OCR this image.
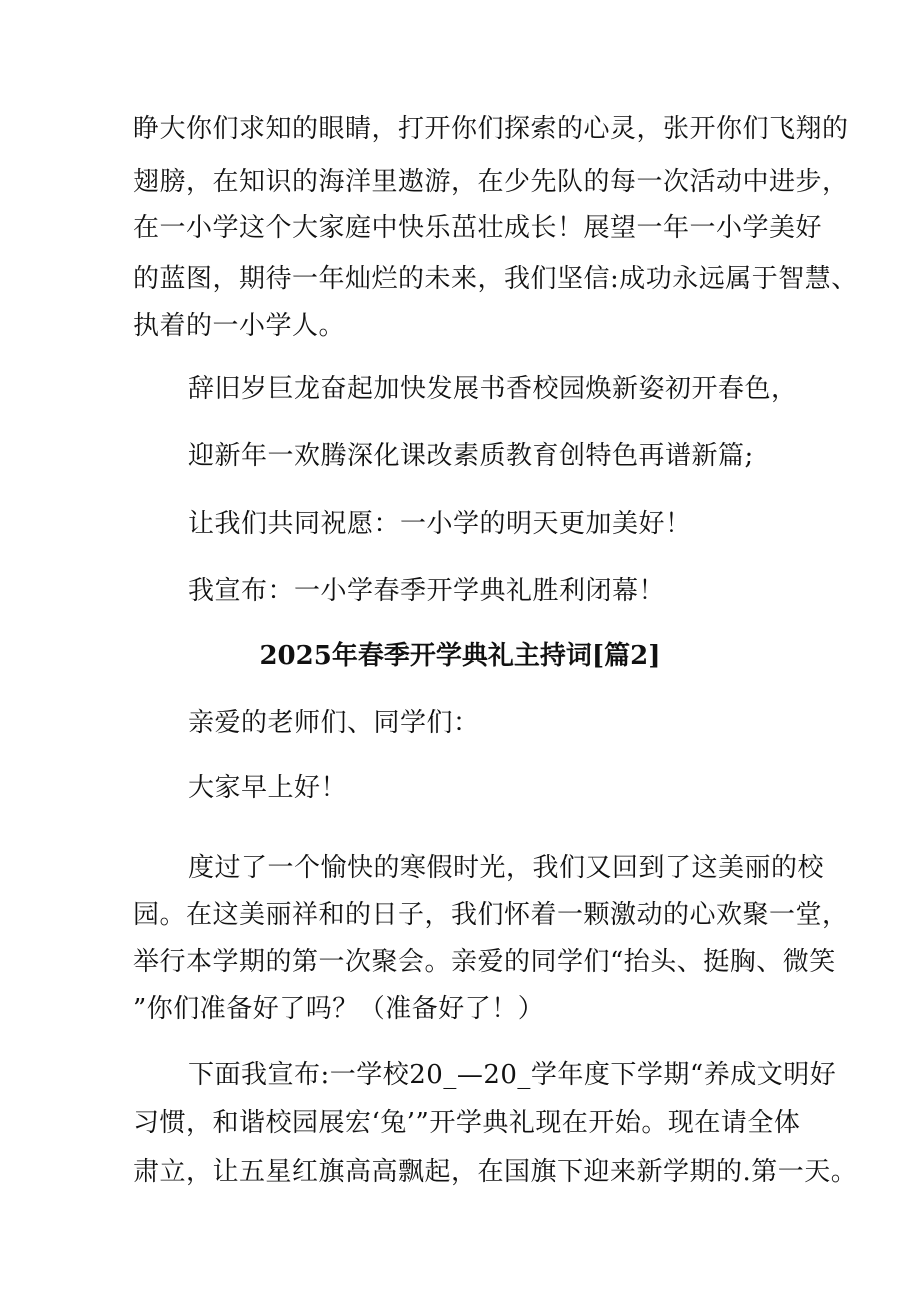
睁大你们求知的眼睛，打开你们探索的心灵，张开你们飞翔的
翅膀，在知识的海洋里遨游，在少先队的每一次活动中进步，
在一小学这个大家庭中快乐茁壮成长！展望一年一小学美好
的蓝图，期待一年灿烂的未来，我们坚信:成功永远属于智慧、
执着的一小学人。
辞旧岁巨龙奋起加快发展书香校园焕新姿初开春色，
迎新年一欢腾深化课改素质教育创特色再谱新篇;
让我们共同祝愿：一小学的明天更加美好！
我宣布：一小学春季开学典礼胜利闭幕！
2025年春季开学典礼主持词[篇2]
亲爱的老师们、同学们：
大家早上好！
度过了一个愉快的寒假时光，我们又回到了这美丽的校
园。在这美丽祥和的日子，我们怀着一颗激动的心欢聚一堂，
举行本学期的第一次聚会。亲爱的同学们“抬头、挺胸、微笑
”你们准备好了吗？（准备好了！）
下面我宣布:一学校20_—20_学年度下学期“养成文明好
习惯，和谐校园展宏‘兔’”开学典礼现在开始。现在请全体
肃立，让五星红旗高高飘起，在国旗下迎来新学期的.第一天。
